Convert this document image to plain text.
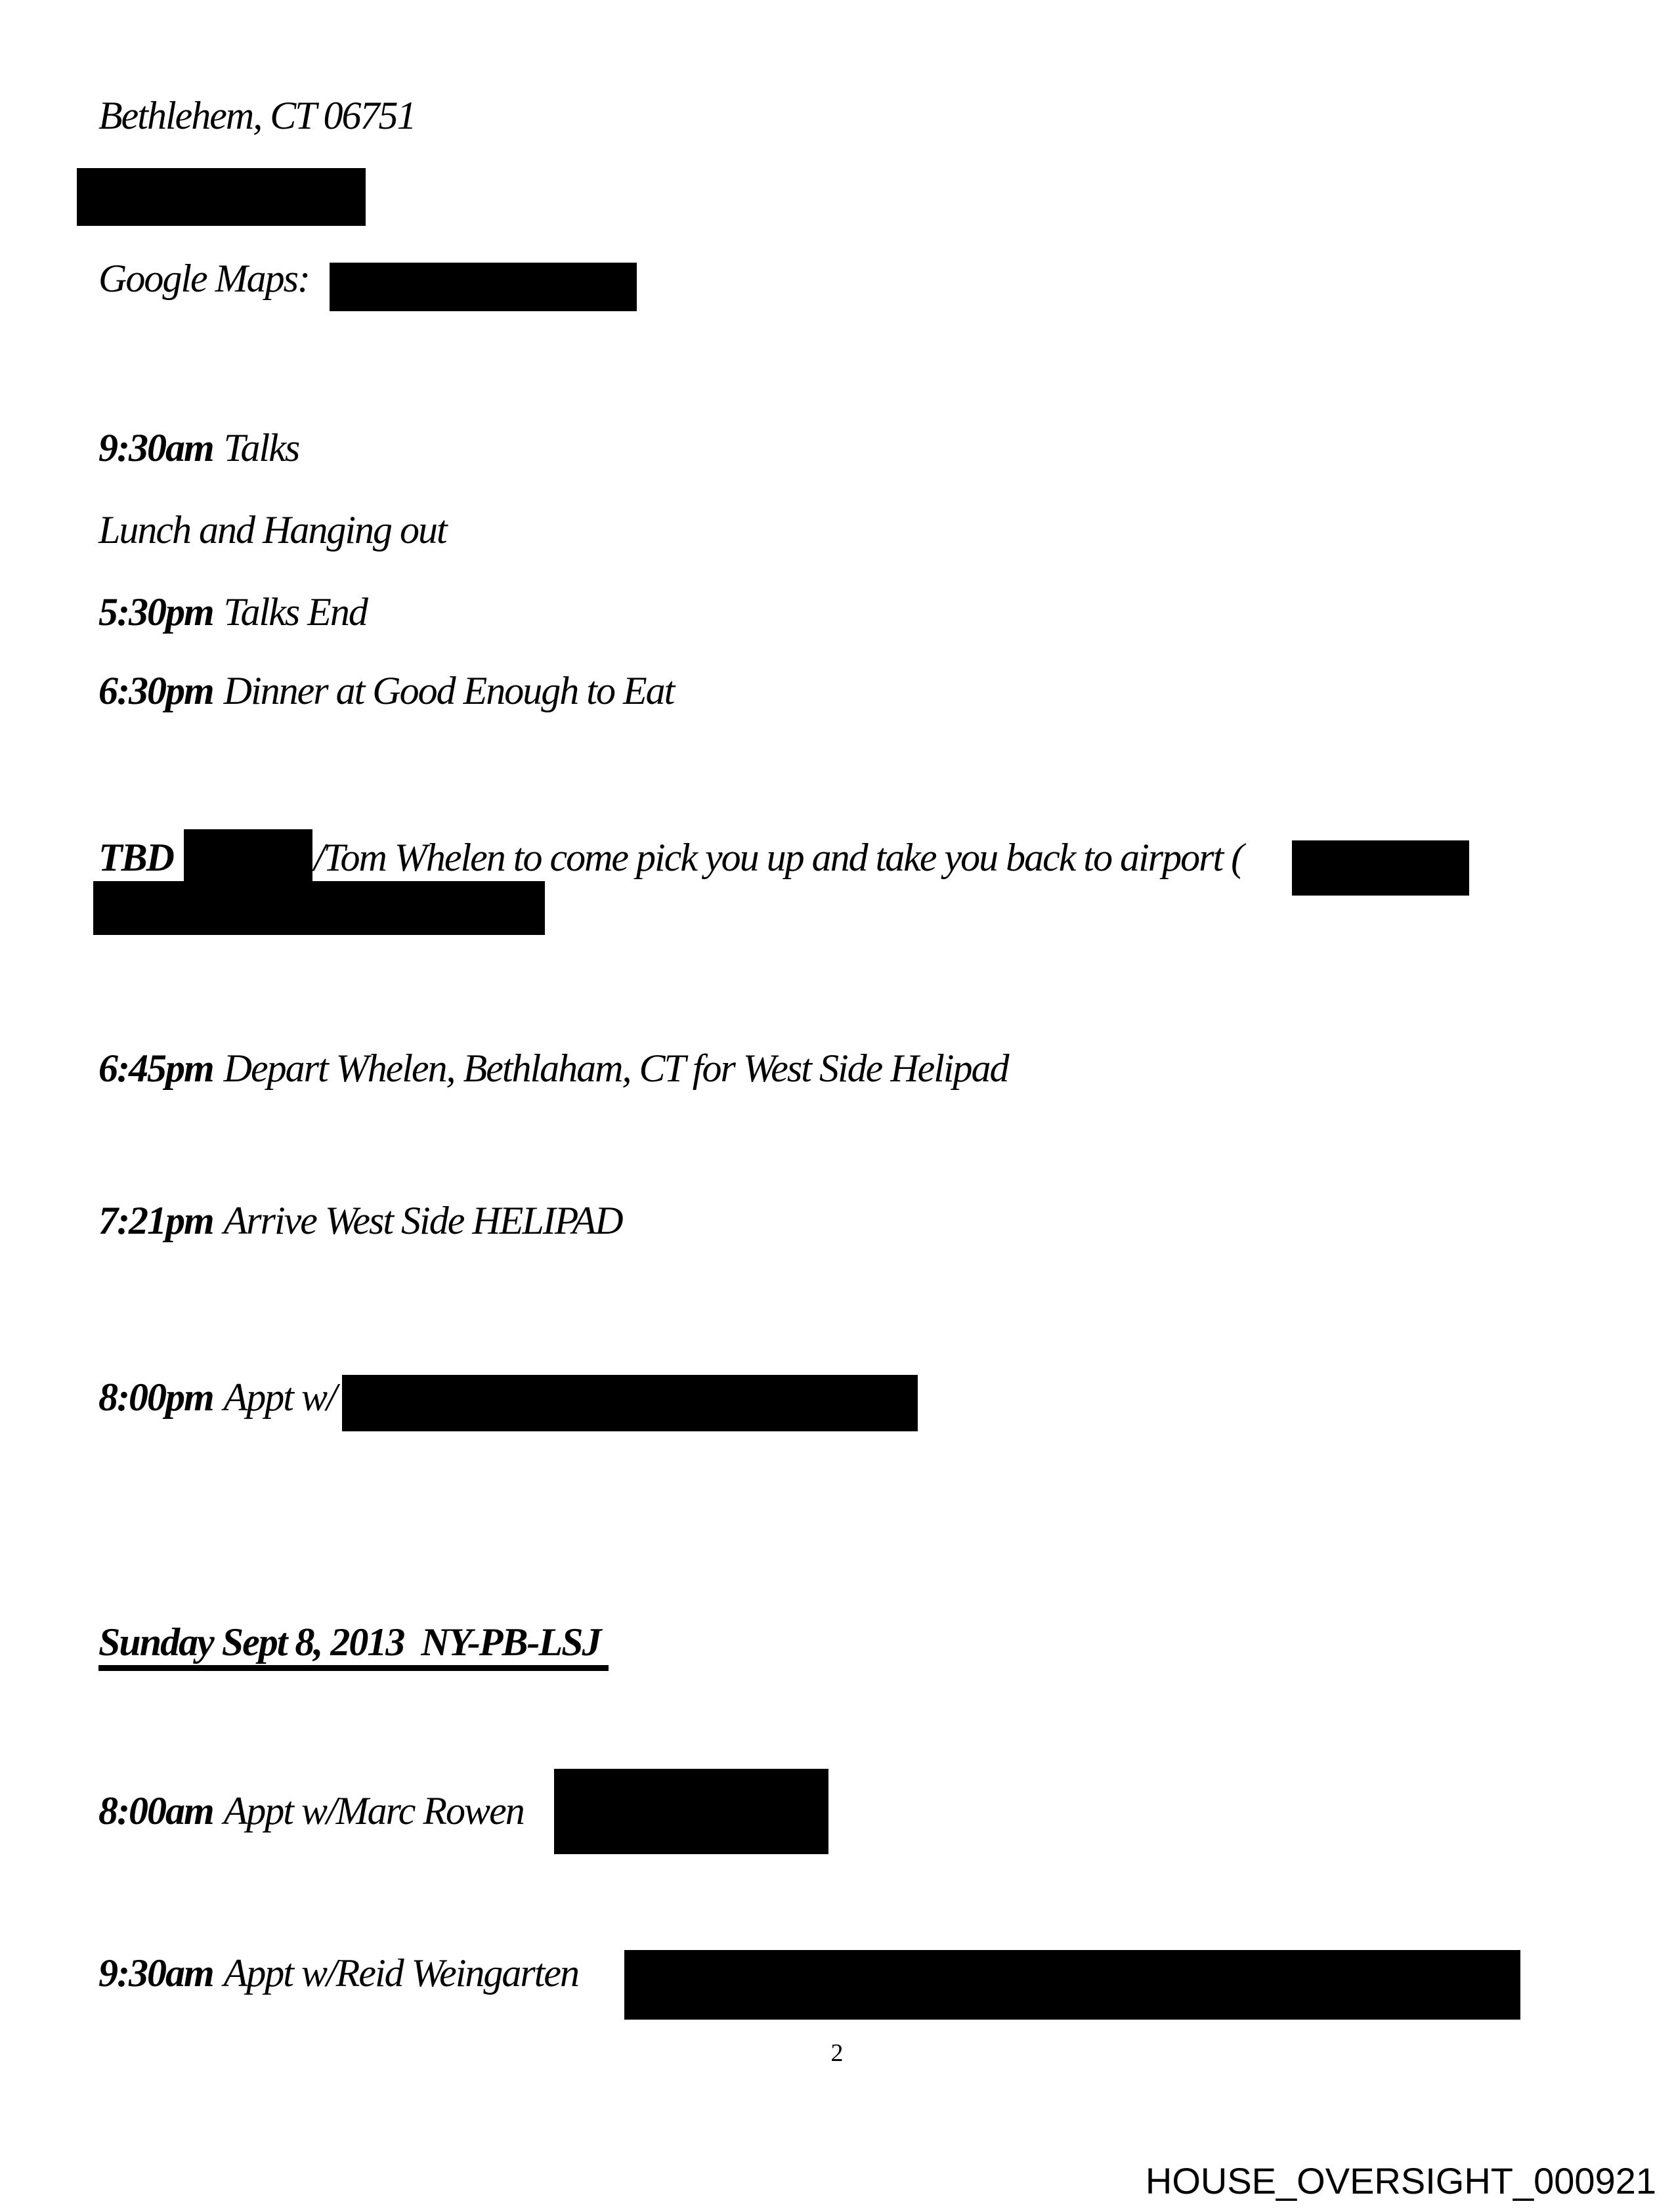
Bethlehem, CT 06751
Google Maps:
9:30am Talks
Lunch and Hanging out
5:30pm Talks End
6:30pm Dinner at Good Enough to Eat
TBD	/Tom Whelen to come pick you up and take you back to airport (
6:45pm Depart Whelen, Bethlaham, CT for West Side Helipad
7:21pm Arrive West Side HELIPAD
8:00pm Appt w/
Sunday Sept 8, 2013  NY-PB-LSJ
8:00am Appt w/Marc Rowen
9:30am Appt w/Reid Weingarten
2
HOUSE_OVERSIGHT_000921
